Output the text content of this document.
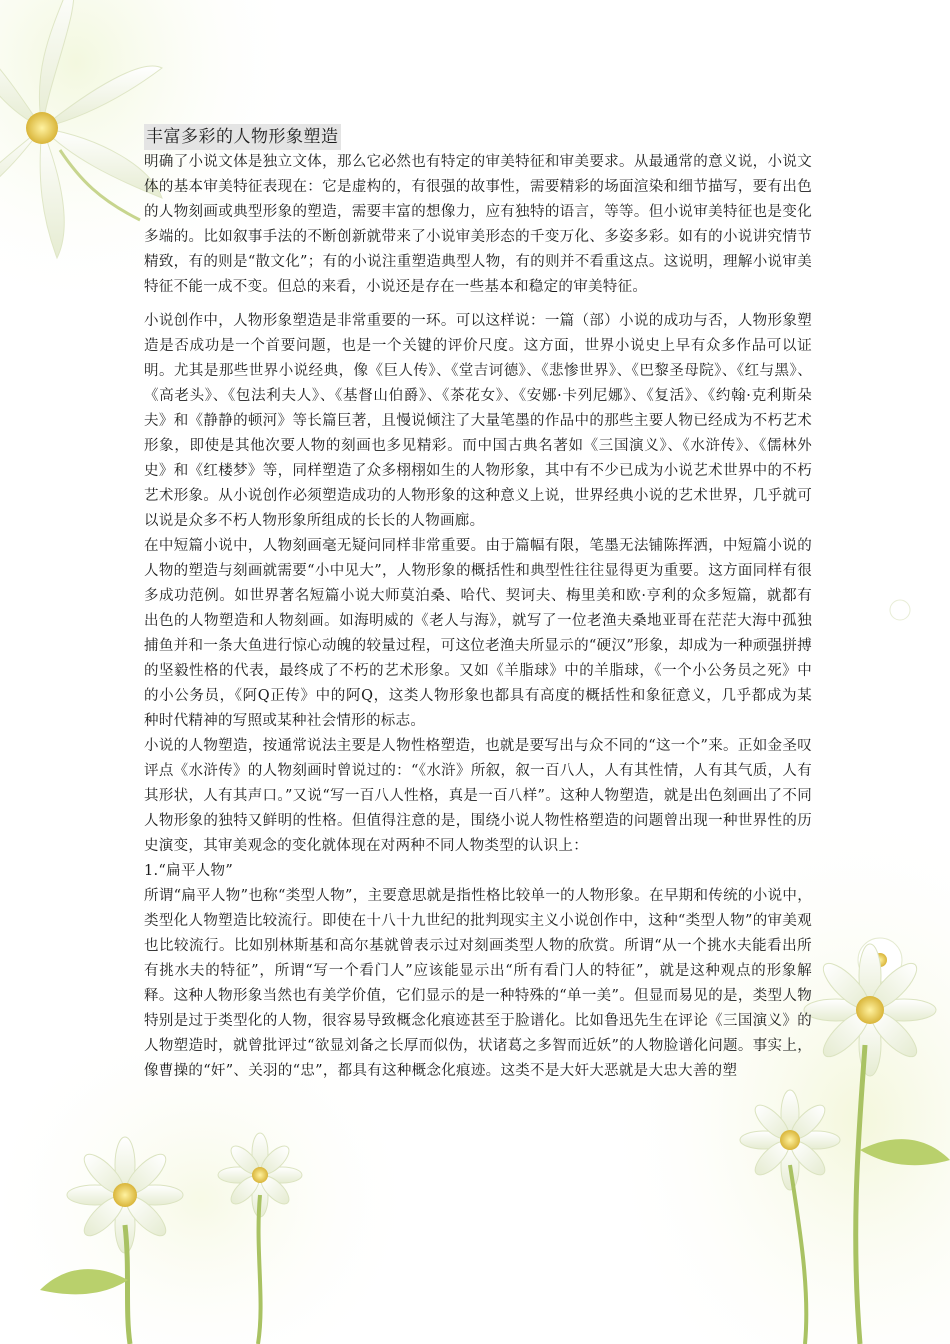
丰富多彩的人物形象塑造

明确了小说文体是独立文体，那么它必然也有特定的审美特征和审美要求。从最通常的意义说，小说文体的基本审美特征表现在：它是虚构的，有很强的故事性，需要精彩的场面渲染和细节描写，要有出色的人物刻画或典型形象的塑造，需要丰富的想像力，应有独特的语言，等等。但小说审美特征也是变化多端的。比如叙事手法的不断创新就带来了小说审美形态的千变万化、多姿多彩。如有的小说讲究情节精致，有的则是“散文化”；有的小说注重塑造典型人物，有的则并不看重这点。这说明，理解小说审美特征不能一成不变。但总的来看，小说还是存在一些基本和稳定的审美特征。

小说创作中，人物形象塑造是非常重要的一环。可以这样说：一篇（部）小说的成功与否，人物形象塑造是否成功是一个首要问题，也是一个关键的评价尺度。这方面，世界小说史上早有众多作品可以证明。尤其是那些世界小说经典，像《巨人传》、《堂吉诃德》、《悲惨世界》、《巴黎圣母院》、《红与黑》、《高老头》、《包法利夫人》、《基督山伯爵》、《茶花女》、《安娜·卡列尼娜》、《复活》、《约翰·克利斯朵夫》和《静静的顿河》等长篇巨著，且慢说倾注了大量笔墨的作品中的那些主要人物已经成为不朽艺术形象，即使是其他次要人物的刻画也多见精彩。而中国古典名著如《三国演义》、《水浒传》、《儒林外史》和《红楼梦》等，同样塑造了众多栩栩如生的人物形象，其中有不少已成为小说艺术世界中的不朽艺术形象。从小说创作必须塑造成功的人物形象的这种意义上说，世界经典小说的艺术世界，几乎就可以说是众多不朽人物形象所组成的长长的人物画廊。

在中短篇小说中，人物刻画毫无疑问同样非常重要。由于篇幅有限，笔墨无法铺陈挥洒，中短篇小说的人物的塑造与刻画就需要“小中见大”，人物形象的概括性和典型性往往显得更为重要。这方面同样有很多成功范例。如世界著名短篇小说大师莫泊桑、哈代、契诃夫、梅里美和欧·亨利的众多短篇，就都有出色的人物塑造和人物刻画。如海明威的《老人与海》，就写了一位老渔夫桑地亚哥在茫茫大海中孤独捕鱼并和一条大鱼进行惊心动魄的较量过程，可这位老渔夫所显示的“硬汉”形象，却成为一种顽强拼搏的坚毅性格的代表，最终成了不朽的艺术形象。又如《羊脂球》中的羊脂球，《一个小公务员之死》中的小公务员，《阿Q正传》中的阿Q，这类人物形象也都具有高度的概括性和象征意义，几乎都成为某种时代精神的写照或某种社会情形的标志。

小说的人物塑造，按通常说法主要是人物性格塑造，也就是要写出与众不同的“这一个”来。正如金圣叹评点《水浒传》的人物刻画时曾说过的：“《水浒》所叙，叙一百八人，人有其性情，人有其气质，人有其形状，人有其声口。”又说“写一百八人性格，真是一百八样”。这种人物塑造，就是出色刻画出了不同人物形象的独特又鲜明的性格。但值得注意的是，围绕小说人物性格塑造的问题曾出现一种世界性的历史演变，其审美观念的变化就体现在对两种不同人物类型的认识上：

1.“扁平人物”

所谓“扁平人物”也称“类型人物”，主要意思就是指性格比较单一的人物形象。在早期和传统的小说中，类型化人物塑造比较流行。即使在十八十九世纪的批判现实主义小说创作中，这种“类型人物”的审美观也比较流行。比如别林斯基和高尔基就曾表示过对刻画类型人物的欣赏。所谓“从一个挑水夫能看出所有挑水夫的特征”，所谓“写一个看门人”应该能显示出“所有看门人的特征”，就是这种观点的形象解释。这种人物形象当然也有美学价值，它们显示的是一种特殊的“单一美”。但显而易见的是，类型人物特别是过于类型化的人物，很容易导致概念化痕迹甚至于脸谱化。比如鲁迅先生在评论《三国演义》的人物塑造时，就曾批评过“欲显刘备之长厚而似伪，状诸葛之多智而近妖”的人物脸谱化问题。事实上，像曹操的“奸”、关羽的“忠”，都具有这种概念化痕迹。这类不是大奸大恶就是大忠大善的塑
